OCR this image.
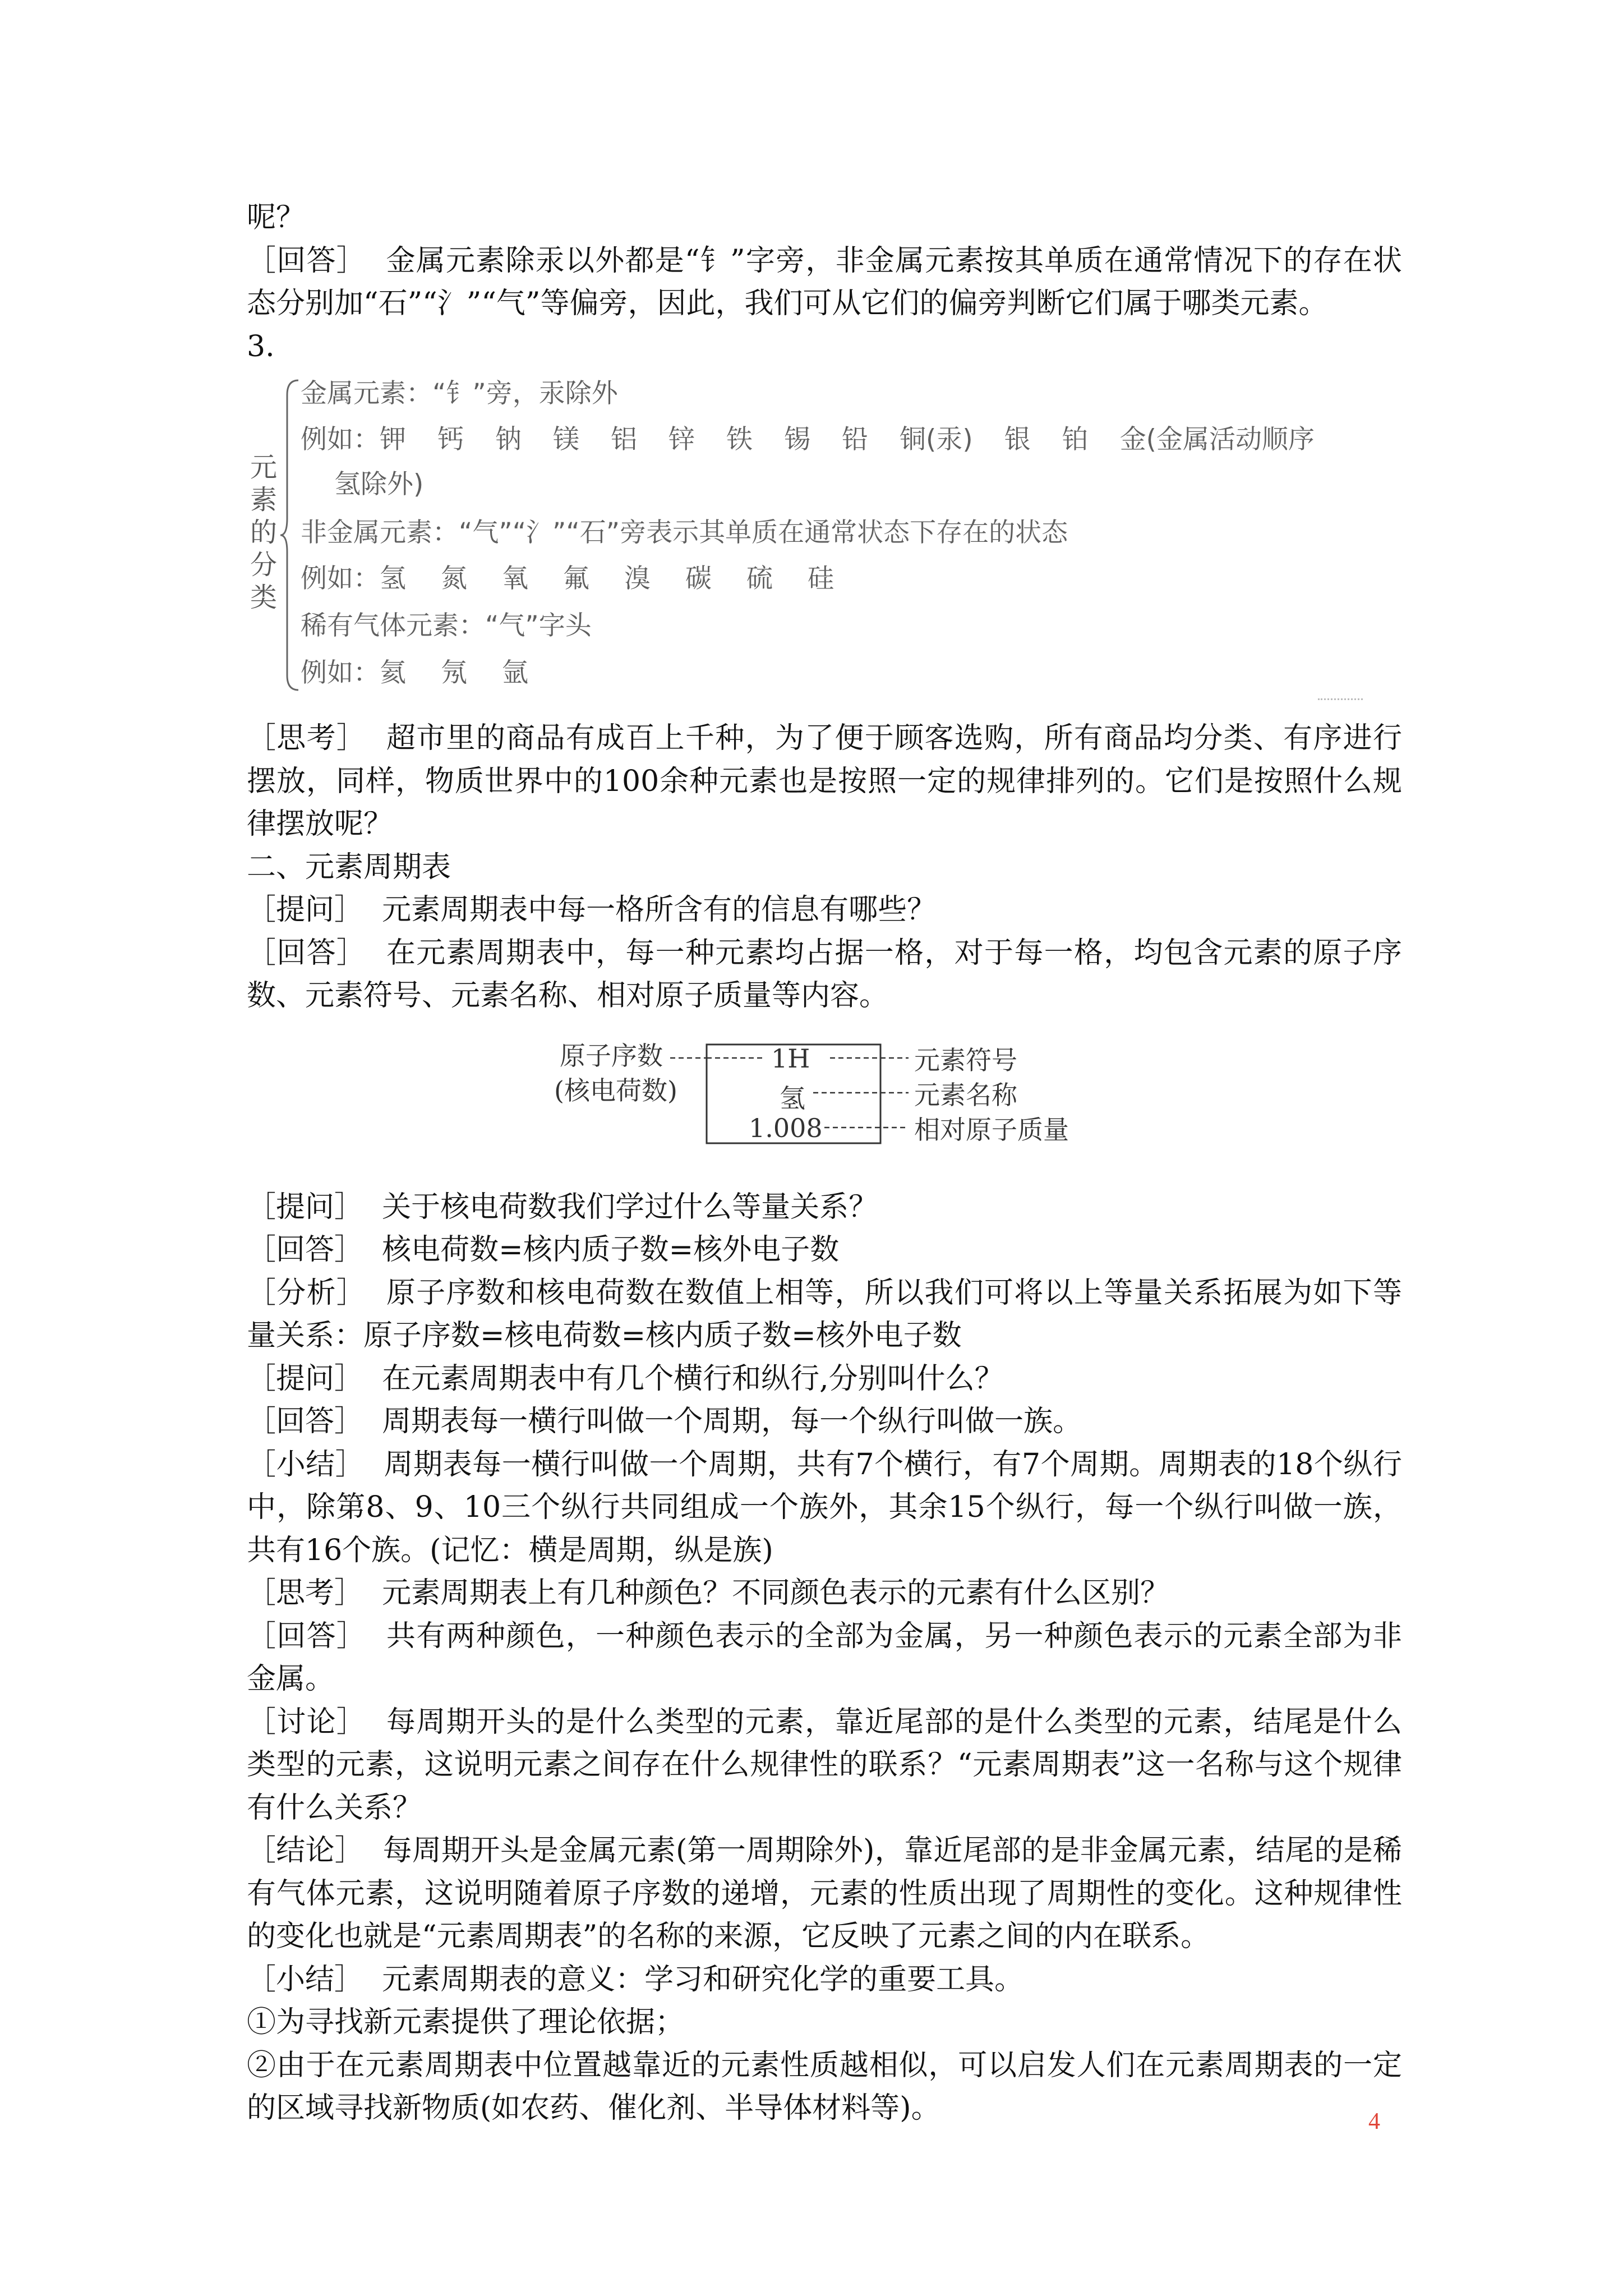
呢？

［回答］ 金属元素除汞以外都是“钅”字旁，非金属元素按其单质在通常情况下的存在状态分别加“石”“氵”“气”等偏旁，因此，我们可从它们的偏旁判断它们属于哪类元素。

3.

元
素
的
分
类
金属元素：“钅”旁，汞除外
例如：钾 钙 钠 镁 铝 锌 铁 锡 铅 铜(汞) 银 铂 金(金属活动顺序
氢除外)
非金属元素：“气”“氵”“石”旁表示其单质在通常状态下存在的状态
例如：氢 氮 氧 氟 溴 碳 硫 硅
稀有气体元素：“气”字头
例如：氦 氖 氩

［思考］ 超市里的商品有成百上千种，为了便于顾客选购，所有商品均分类、有序进行摆放，同样，物质世界中的100余种元素也是按照一定的规律排列的。它们是按照什么规律摆放呢？

二、元素周期表

［提问］ 元素周期表中每一格所含有的信息有哪些？

［回答］ 在元素周期表中，每一种元素均占据一格，对于每一格，均包含元素的原子序数、元素符号、元素名称、相对原子质量等内容。

原子序数
(核电荷数)
1H
氢
1.008
元素符号
元素名称
相对原子质量

［提问］ 关于核电荷数我们学过什么等量关系？

［回答］ 核电荷数=核内质子数=核外电子数

［分析］ 原子序数和核电荷数在数值上相等，所以我们可将以上等量关系拓展为如下等量关系：原子序数=核电荷数=核内质子数=核外电子数

［提问］ 在元素周期表中有几个横行和纵行,分别叫什么？

［回答］ 周期表每一横行叫做一个周期，每一个纵行叫做一族。

［小结］ 周期表每一横行叫做一个周期，共有7个横行，有7个周期。周期表的18个纵行中，除第8、9、10三个纵行共同组成一个族外，其余15个纵行，每一个纵行叫做一族，共有16个族。(记忆：横是周期，纵是族)

［思考］ 元素周期表上有几种颜色？不同颜色表示的元素有什么区别？

［回答］ 共有两种颜色，一种颜色表示的全部为金属，另一种颜色表示的元素全部为非金属。

［讨论］ 每周期开头的是什么类型的元素，靠近尾部的是什么类型的元素，结尾是什么类型的元素，这说明元素之间存在什么规律性的联系？“元素周期表”这一名称与这个规律有什么关系？

［结论］ 每周期开头是金属元素(第一周期除外)，靠近尾部的是非金属元素，结尾的是稀有气体元素，这说明随着原子序数的递增，元素的性质出现了周期性的变化。这种规律性的变化也就是“元素周期表”的名称的来源，它反映了元素之间的内在联系。

［小结］ 元素周期表的意义：学习和研究化学的重要工具。

①为寻找新元素提供了理论依据；

②由于在元素周期表中位置越靠近的元素性质越相似，可以启发人们在元素周期表的一定的区域寻找新物质(如农药、催化剂、半导体材料等)。	4
